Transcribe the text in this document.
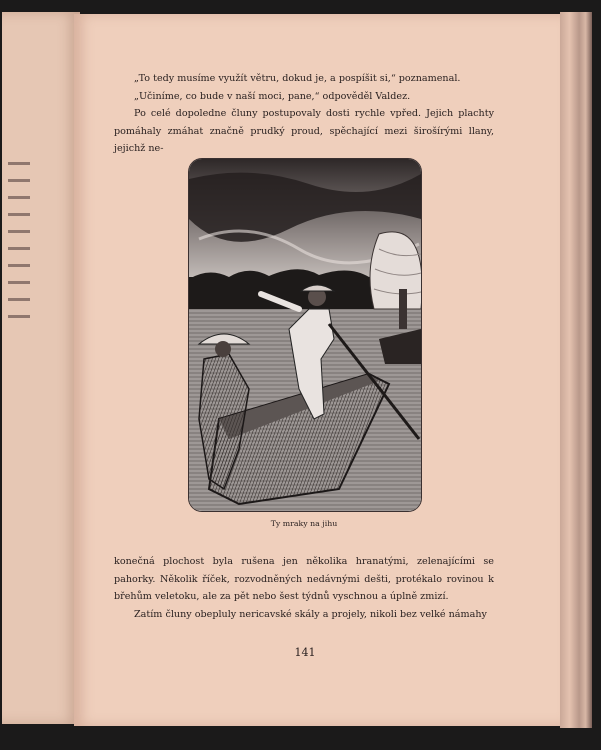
„To tedy musíme využít větru, dokud je, a pospíšit si,“ poznamenal.
„Učiníme, co bude v naší moci, pane,“ odpověděl Valdez.
Po celé dopoledne čluny postupovaly dosti rychle vpřed. Jejich plachty pomáhaly zmáhat značně prudký proud, spěchající mezi širošírými llany, jejichž ne-

Ty mraky na jihu

konečná plochost byla rušena jen několika hranatými, zelenajícími se pahorky. Několik říček, rozvodněných nedávnými dešti, protékalo rovinou k břehům veletoku, ale za pět nebo šest týdnů vyschnou a úplně zmizí.
Zatím čluny obepluly nericavské skály a projely, nikoli bez velké námahy

141
